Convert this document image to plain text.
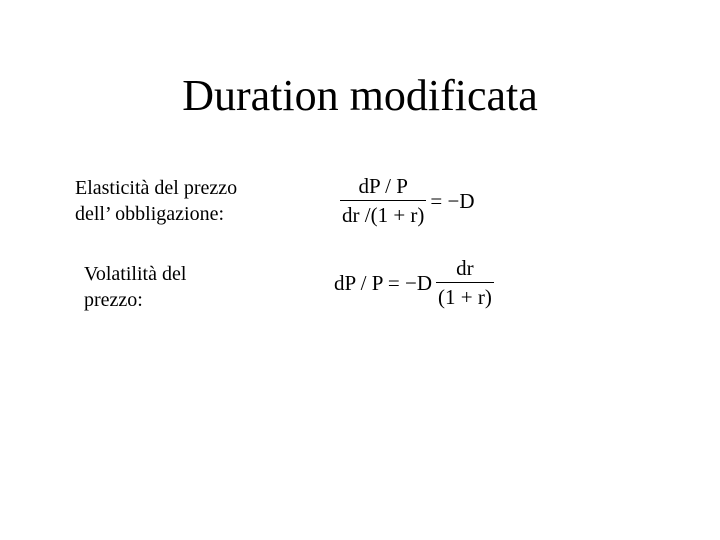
Duration modificata
Elasticità del prezzo
dell’ obbligazione:	$\frac{dP / P}{dr /(1 + r)} = -D$
Volatilità del
prezzo:
dP / $P = -D \frac{dr}{(1 + r)}$
